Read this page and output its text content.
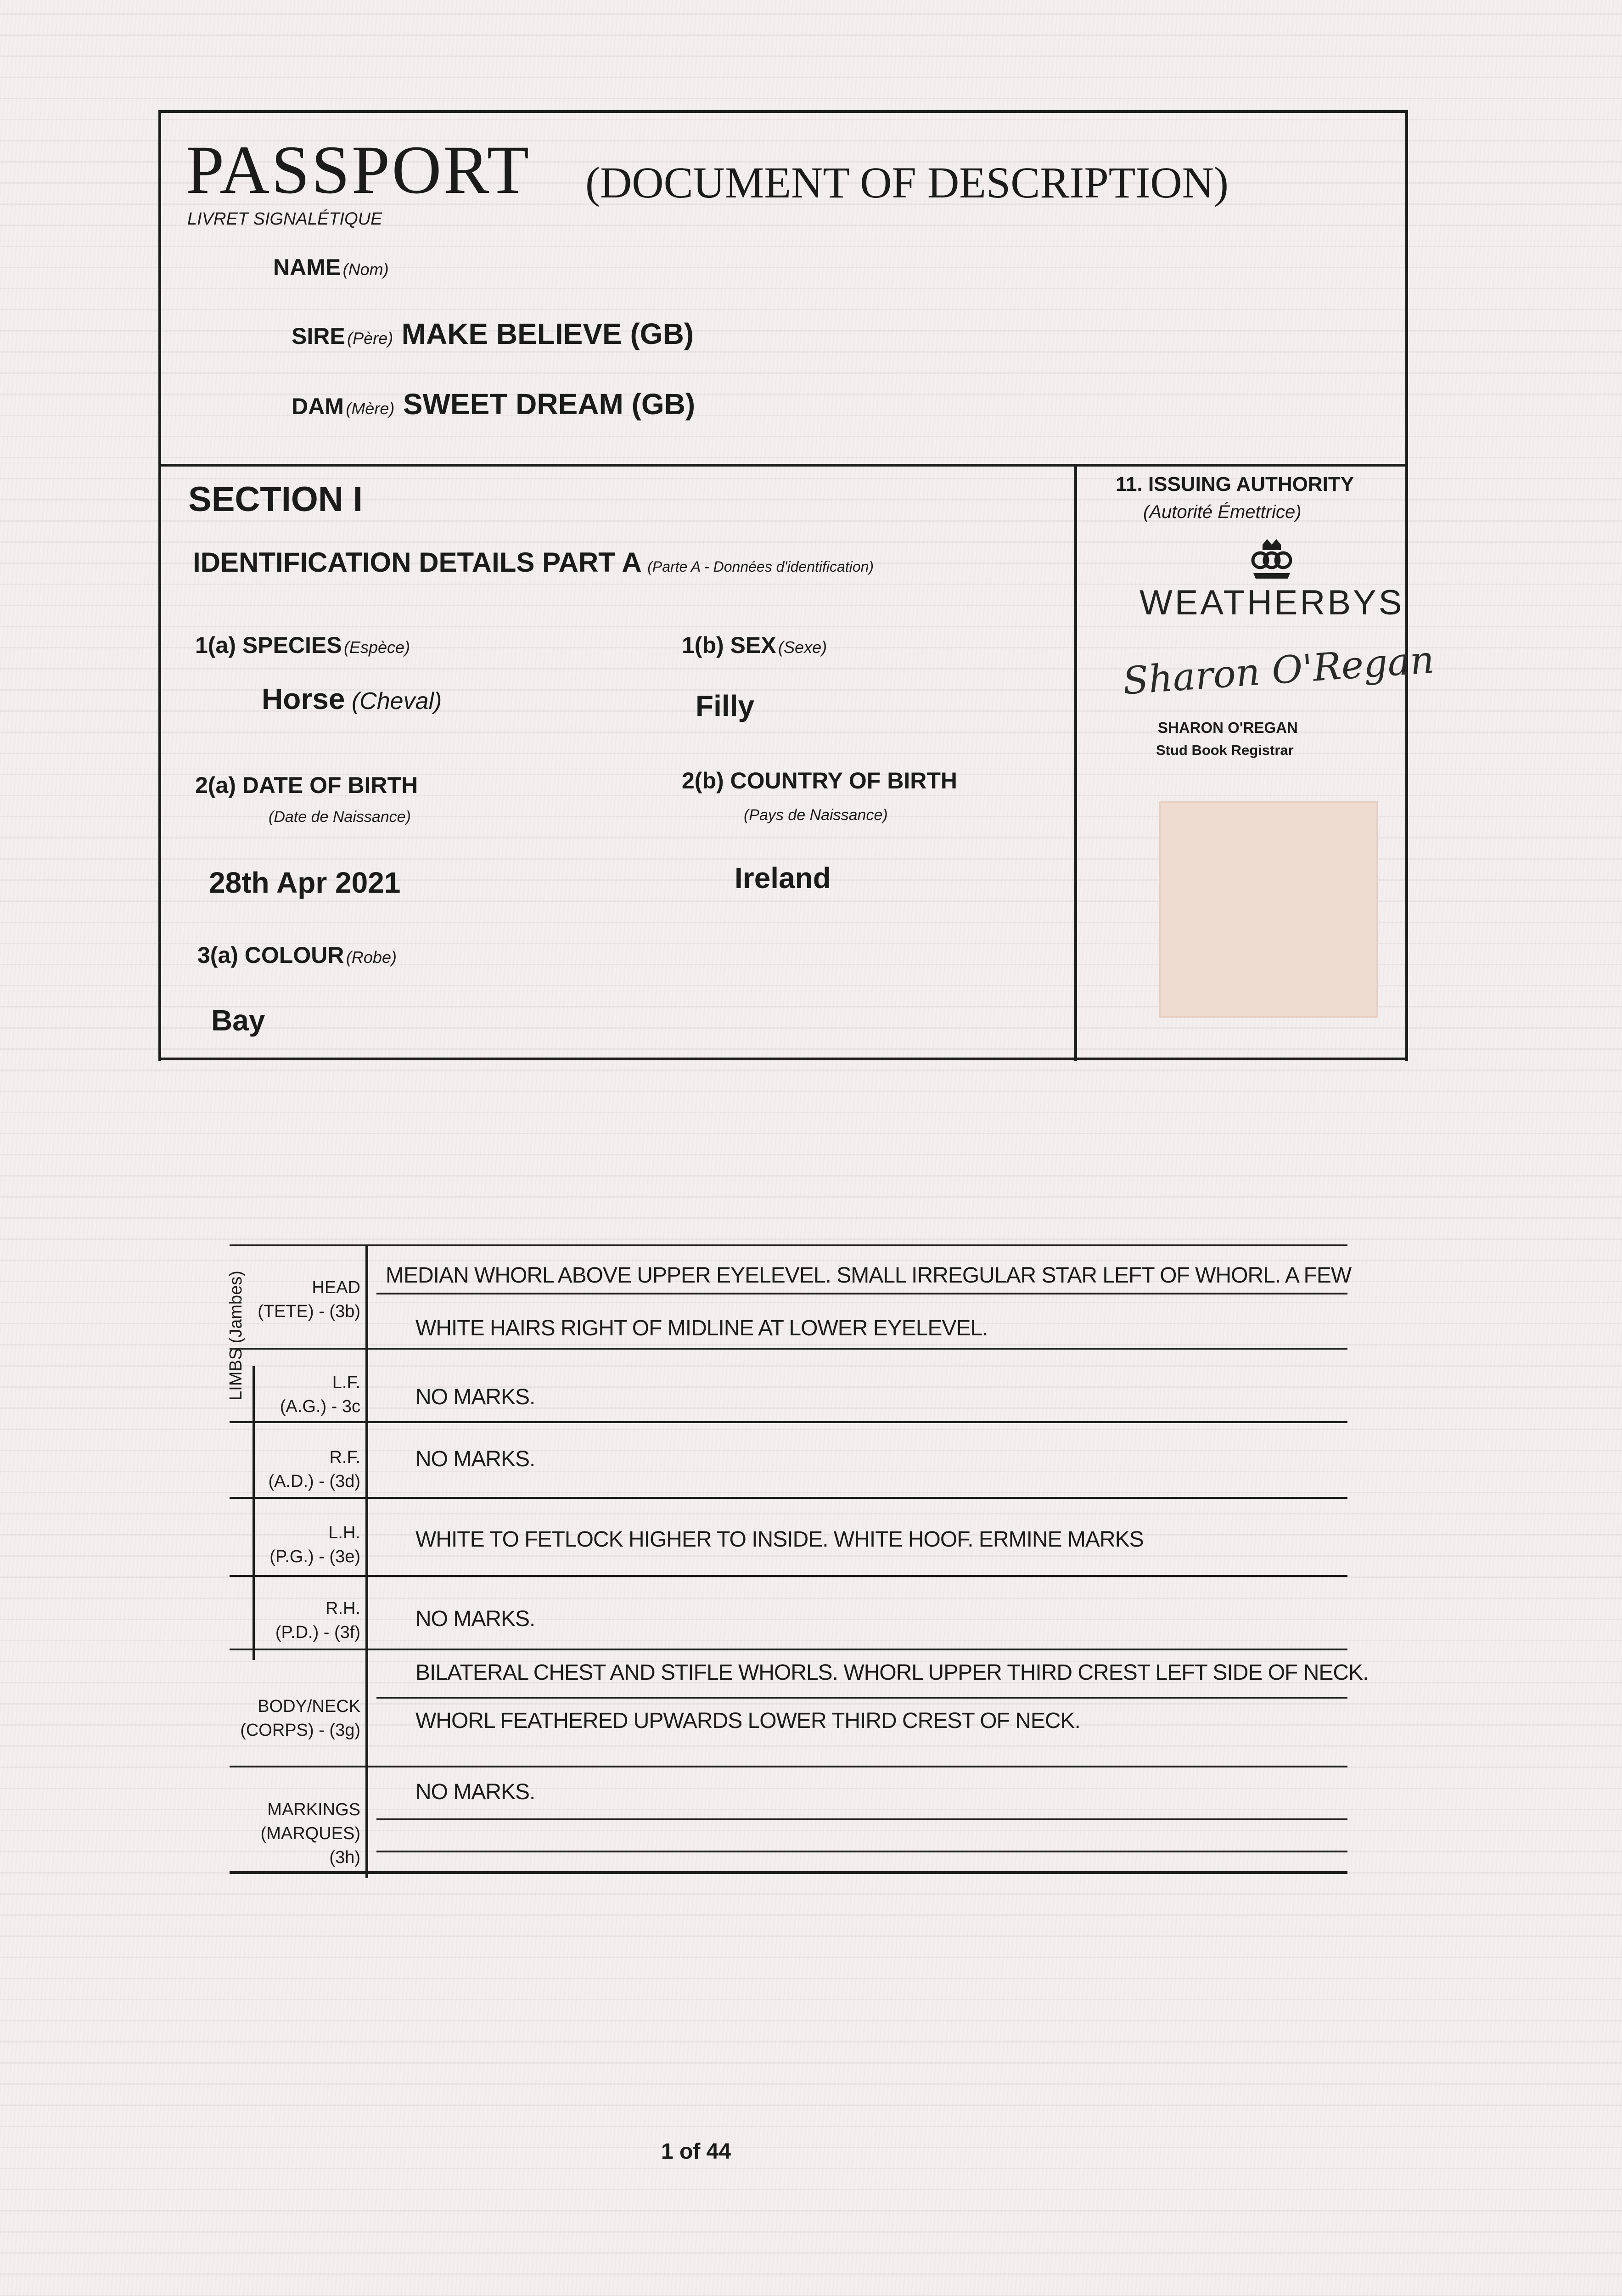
PASSPORT (DOCUMENT OF DESCRIPTION)
LIVRET SIGNALÉTIQUE
NAME (Nom)
SIRE (Père) MAKE BELIEVE (GB)
DAM (Mère) SWEET DREAM (GB)
SECTION I
IDENTIFICATION DETAILS PART A (Parte A - Données d'identification)
1(a) SPECIES (Espèce)
Horse (Cheval)
1(b) SEX (Sexe)
Filly
2(a) DATE OF BIRTH
(Date de Naissance)
28th Apr 2021
2(b) COUNTRY OF BIRTH
(Pays de Naissance)
Ireland
3(a) COLOUR (Robe)
Bay
11. ISSUING AUTHORITY
(Autorité Émettrice)
WEATHERBYS
Sharon O'Regan
SHARON O'REGAN
Stud Book Registrar
HEAD
(TETE) - (3b)
MEDIAN WHORL ABOVE UPPER EYELEVEL. SMALL IRREGULAR STAR LEFT OF WHORL. A FEW
WHITE HAIRS RIGHT OF MIDLINE AT LOWER EYELEVEL.
LIMBS (Jambes)	L.F.
(A.G.) - 3c	NO MARKS.
R.F.
(A.D.) - (3d)
NO MARKS.
L.H.
(P.G.) - (3e)
WHITE TO FETLOCK HIGHER TO INSIDE. WHITE HOOF. ERMINE MARKS
R.H.
(P.D.) - (3f)
NO MARKS.
BODY/NECK
(CORPS) - (3g)
BILATERAL CHEST AND STIFLE WHORLS. WHORL UPPER THIRD CREST LEFT SIDE OF NECK.
WHORL FEATHERED UPWARDS LOWER THIRD CREST OF NECK.
MARKINGS
(MARQUES)
(3h)
NO MARKS.
1 of 44
